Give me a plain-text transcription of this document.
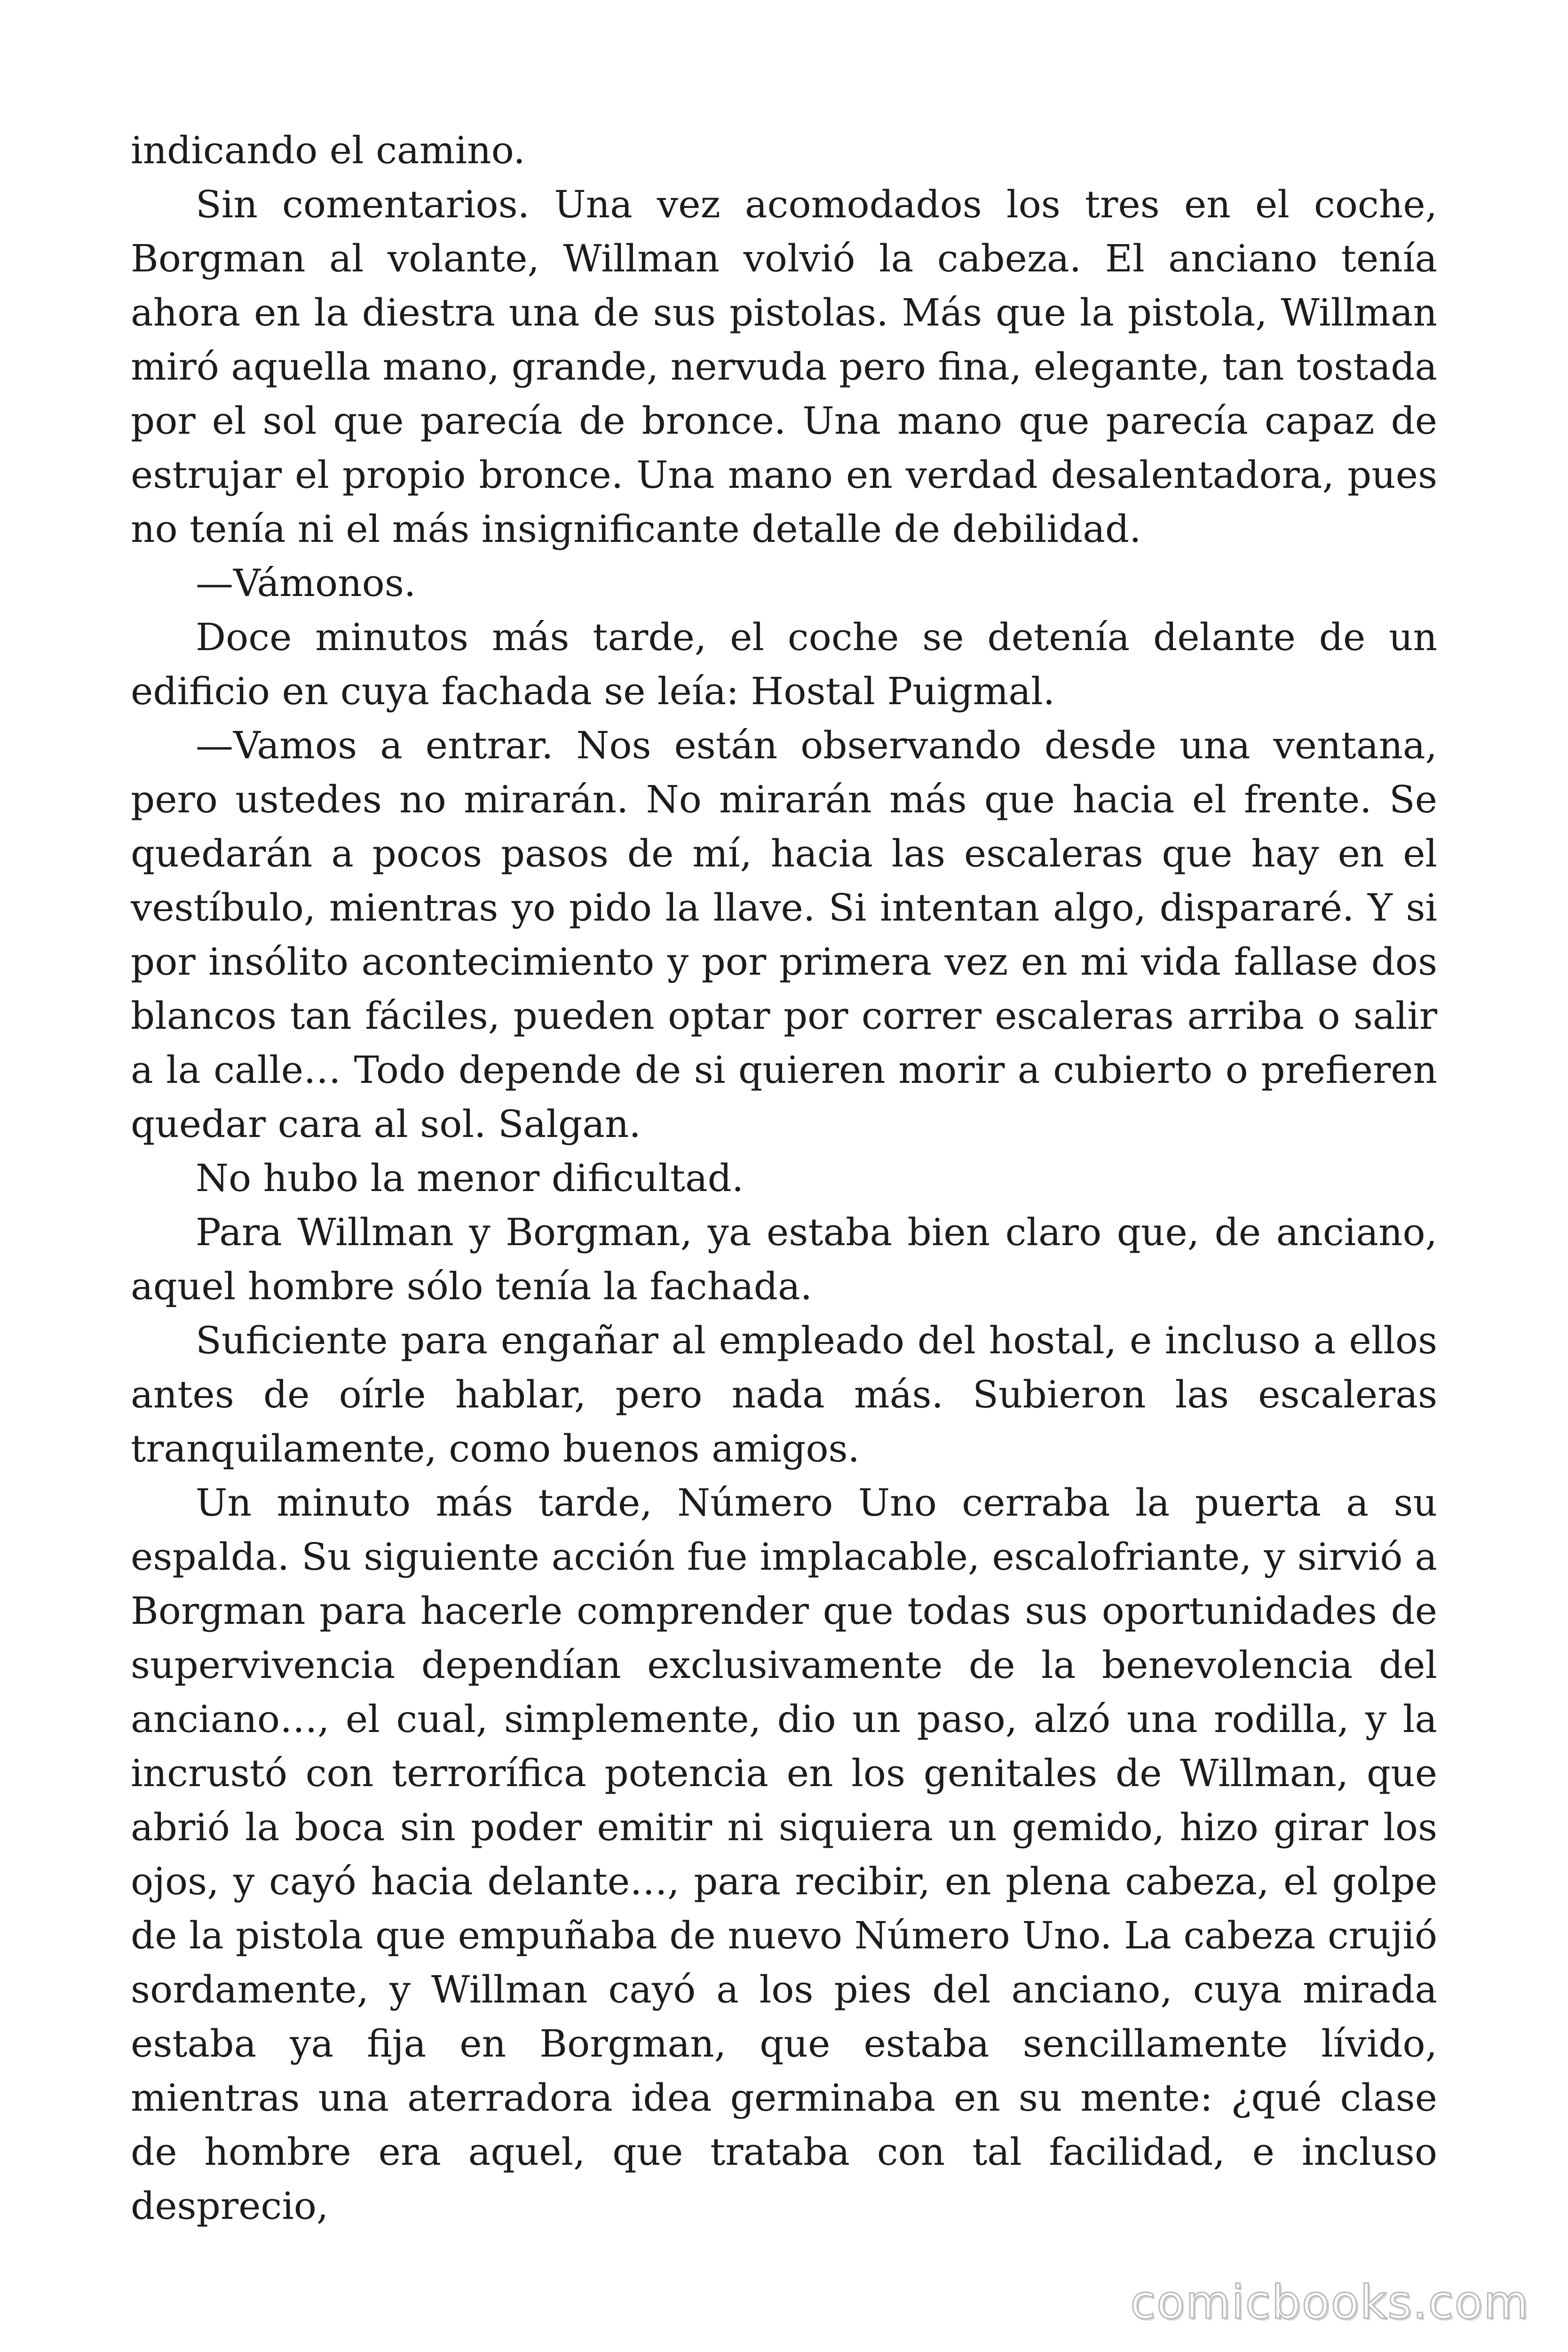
indicando el camino.

Sin comentarios. Una vez acomodados los tres en el coche, Borgman al volante, Willman volvió la cabeza. El anciano tenía ahora en la diestra una de sus pistolas. Más que la pistola, Willman miró aquella mano, grande, nervuda pero fina, elegante, tan tostada por el sol que parecía de bronce. Una mano que parecía capaz de estrujar el propio bronce. Una mano en verdad desalentadora, pues no tenía ni el más insignificante detalle de debilidad.

—Vámonos.

Doce minutos más tarde, el coche se detenía delante de un edificio en cuya fachada se leía: Hostal Puigmal.

—Vamos a entrar. Nos están observando desde una ventana, pero ustedes no mirarán. No mirarán más que hacia el frente. Se quedarán a pocos pasos de mí, hacia las escaleras que hay en el vestíbulo, mientras yo pido la llave. Si intentan algo, dispararé. Y si por insólito acontecimiento y por primera vez en mi vida fallase dos blancos tan fáciles, pueden optar por correr escaleras arriba o salir a la calle… Todo depende de si quieren morir a cubierto o prefieren quedar cara al sol. Salgan.

No hubo la menor dificultad.

Para Willman y Borgman, ya estaba bien claro que, de anciano, aquel hombre sólo tenía la fachada.

Suficiente para engañar al empleado del hostal, e incluso a ellos antes de oírle hablar, pero nada más. Subieron las escaleras tranquilamente, como buenos amigos.

Un minuto más tarde, Número Uno cerraba la puerta a su espalda. Su siguiente acción fue implacable, escalofriante, y sirvió a Borgman para hacerle comprender que todas sus oportunidades de supervivencia dependían exclusivamente de la benevolencia del anciano…, el cual, simplemente, dio un paso, alzó una rodilla, y la incrustó con terrorífica potencia en los genitales de Willman, que abrió la boca sin poder emitir ni siquiera un gemido, hizo girar los ojos, y cayó hacia delante…, para recibir, en plena cabeza, el golpe de la pistola que empuñaba de nuevo Número Uno. La cabeza crujió sordamente, y Willman cayó a los pies del anciano, cuya mirada estaba ya fija en Borgman, que estaba sencillamente lívido, mientras una aterradora idea germinaba en su mente: ¿qué clase de hombre era aquel, que trataba con tal facilidad, e incluso desprecio,

comicbooks.com
